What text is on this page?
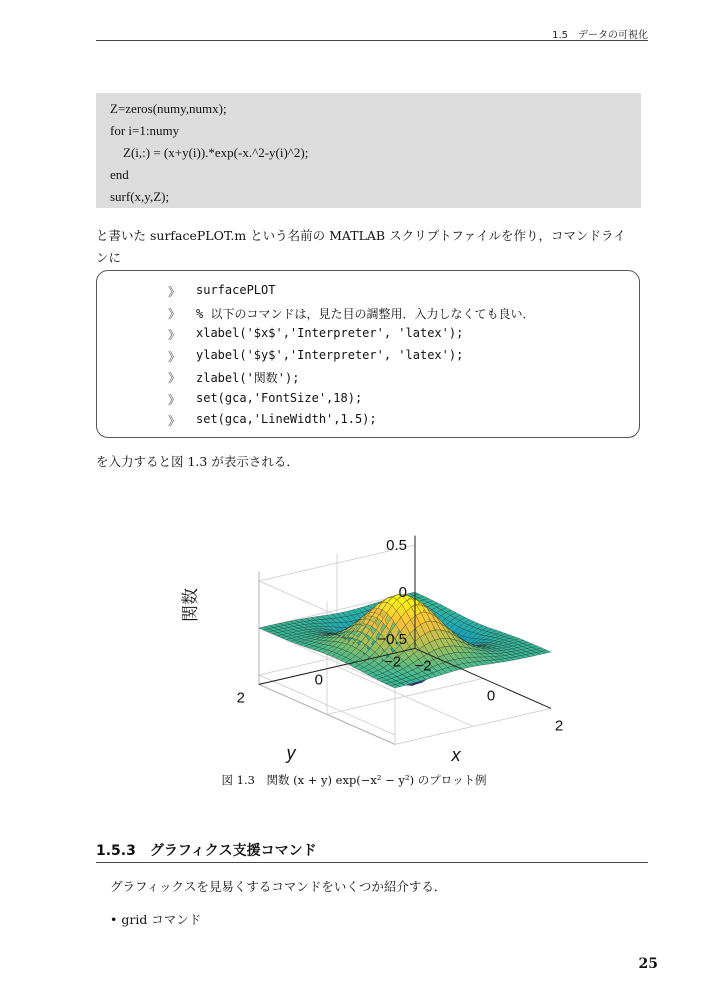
1.5　データの可視化
Z=zeros(numy,numx);
for i=1:numy
Z(i,:) = (x+y(i)).*exp(-x.^2-y(i)^2);
end
surf(x,y,Z);
と書いた surfacePLOT.m という名前の MATLAB スクリプトファイルを作り，コマンドライ
ンに
》 surfacePLOT
》 % 以下のコマンドは，見た目の調整用．入力しなくても良い．
》 xlabel('$x$','Interpreter', 'latex');
》 ylabel('$y$','Interpreter', 'latex');
》 zlabel('関数');
》 set(gca,'FontSize',18);
》 set(gca,'LineWidth',1.5);
を入力すると図 1.3 が表示される．
−2
0
2
−2
0
2
0.5
0
−0.5
x
y
関数
図 1.3　関数 (x + y) exp(−x² − y²) のプロット例
1.5.3　グラフィクス支援コマンド
グラフィックスを見易くするコマンドをいくつか紹介する．
• grid コマンド
25
